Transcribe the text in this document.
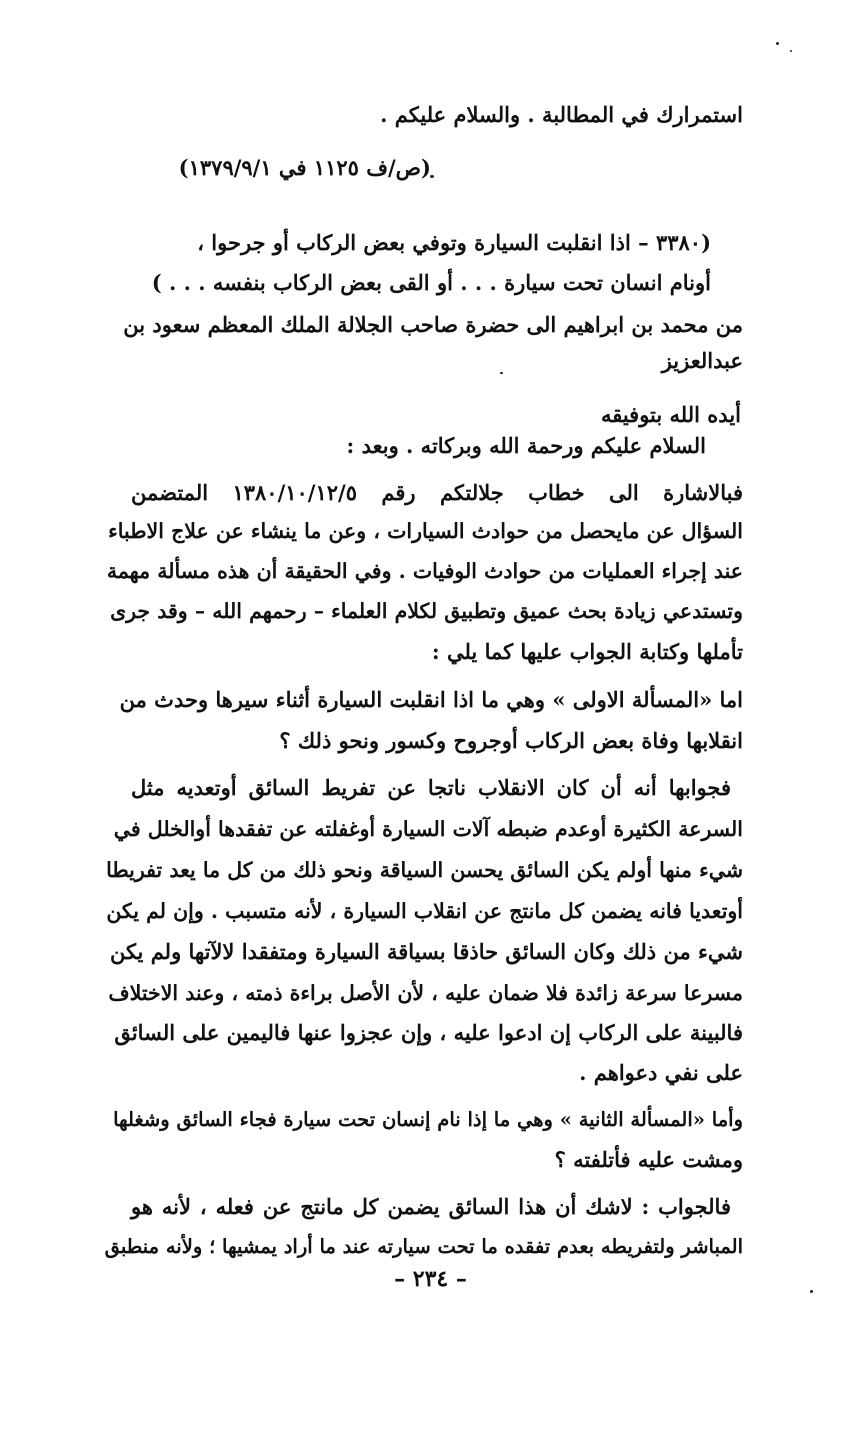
استمرارك في المطالبة . والسلام عليكم .
(ص/ف ١١٢٥ في ١٣٧٩/٩/١)
(٣٣٨٠ – اذا انقلبت السيارة وتوفي بعض الركاب أو جرحوا ،
أونام انسان تحت سيارة . . . أو القى بعض الركاب بنفسه . . . )
من محمد بن ابراهيم الى حضرة صاحب الجلالة الملك المعظم سعود بن
عبدالعزيز
أيده الله بتوفيقه
السلام عليكم ورحمة الله وبركاته . وبعد :
فبالاشارة الى خطاب جلالتكم رقم ١٣٨٠/١٠/١٢/٥ المتضمن
السؤال عن مايحصل من حوادث السيارات ، وعن ما ينشاء عن علاج الاطباء
عند إجراء العمليات من حوادث الوفيات . وفي الحقيقة أن هذه مسألة مهمة
وتستدعي زيادة بحث عميق وتطبيق لكلام العلماء – رحمهم الله – وقد جرى
تأملها وكتابة الجواب عليها كما يلي :
اما «المسألة الاولى » وهي ما اذا انقلبت السيارة أثناء سيرها وحدث من
انقلابها وفاة بعض الركاب أوجروح وكسور ونحو ذلك ؟
فجوابها أنه أن كان الانقلاب ناتجا عن تفريط السائق أوتعديه مثل
السرعة الكثيرة أوعدم ضبطه آلات السيارة أوغفلته عن تفقدها أوالخلل في
شيء منها أولم يكن السائق يحسن السياقة ونحو ذلك من كل ما يعد تفريطا
أوتعديا فانه يضمن كل مانتج عن انقلاب السيارة ، لأنه متسبب . وإن لم يكن
شيء من ذلك وكان السائق حاذقا بسياقة السيارة ومتفقدا لالآتها ولم يكن
مسرعا سرعة زائدة فلا ضمان عليه ، لأن الأصل براءة ذمته ، وعند الاختلاف
فالبينة على الركاب إن ادعوا عليه ، وإن عجزوا عنها فاليمين على السائق
على نفي دعواهم .
وأما «المسألة الثانية » وهي ما إذا نام إنسان تحت سيارة فجاء السائق وشغلها
ومشت عليه فأتلفته ؟
فالجواب : لاشك أن هذا السائق يضمن كل مانتج عن فعله ، لأنه هو
المباشر ولتفريطه بعدم تفقده ما تحت سيارته عند ما أراد يمشيها ؛ ولأنه منطبق
– ٢٣٤ –
